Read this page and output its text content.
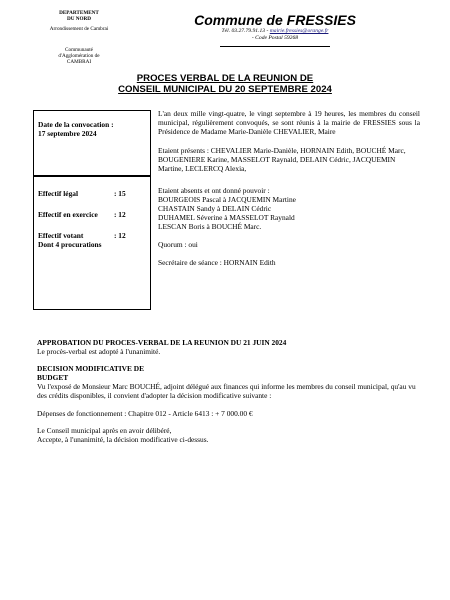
DEPARTEMENT
DU NORD
Arrondissement de Cambrai
Communauté
d'Agglomération de
CAMBRAI
Commune de FRESSIES
Tél. 03.27.79.91.13 - mairie.fressies@orange.fr
- Code Postal 59268
PROCES VERBAL DE LA REUNION DE
CONSEIL MUNICIPAL DU 20 SEPTEMBRE 2024
Date de la convocation :
17 septembre 2024
Effectif légal	: 15
Effectif en exercice : 12
Effectif votant	: 12
Dont 4 procurations

L'an deux mille vingt-quatre, le vingt septembre à 19 heures, les membres du conseil municipal, régulièrement convoqués, se sont réunis à la mairie de FRESSIES sous la Présidence de Madame Marie-Danièle CHEVALIER, Maire

Etaient présents : CHEVALIER Marie-Danièle, HORNAIN Edith, BOUCHÉ Marc, BOUGENIERE Karine, MASSELOT Raynald, DELAIN Cédric, JACQUEMIN Martine, LECLERCQ Alexia,

Etaient absents et ont donné pouvoir :

BOURGEOIS Pascal à JACQUEMIN Martine

CHASTAIN Sandy à DELAIN Cédric

DUHAMEL Séverine à MASSELOT Raynald

LESCAN Boris à BOUCHÉ Marc.

Quorum : oui

Secrétaire de séance : HORNAIN Edith

APPROBATION DU PROCES-VERBAL DE LA REUNION DU 21 JUIN 2024

Le procès-verbal est adopté à l'unanimité.

DECISION MODIFICATIVE DE

BUDGET

Vu l'exposé de Monsieur Marc BOUCHÉ, adjoint délégué aux finances qui informe les membres du conseil municipal, qu'au vu des crédits disponibles, il convient d'adopter la décision modificative suivante :

Dépenses de fonctionnement : Chapitre 012 - Article 6413 : + 7 000.00 €

Le Conseil municipal après en avoir délibéré,

Accepte, à l'unanimité, la décision modificative ci-dessus.
